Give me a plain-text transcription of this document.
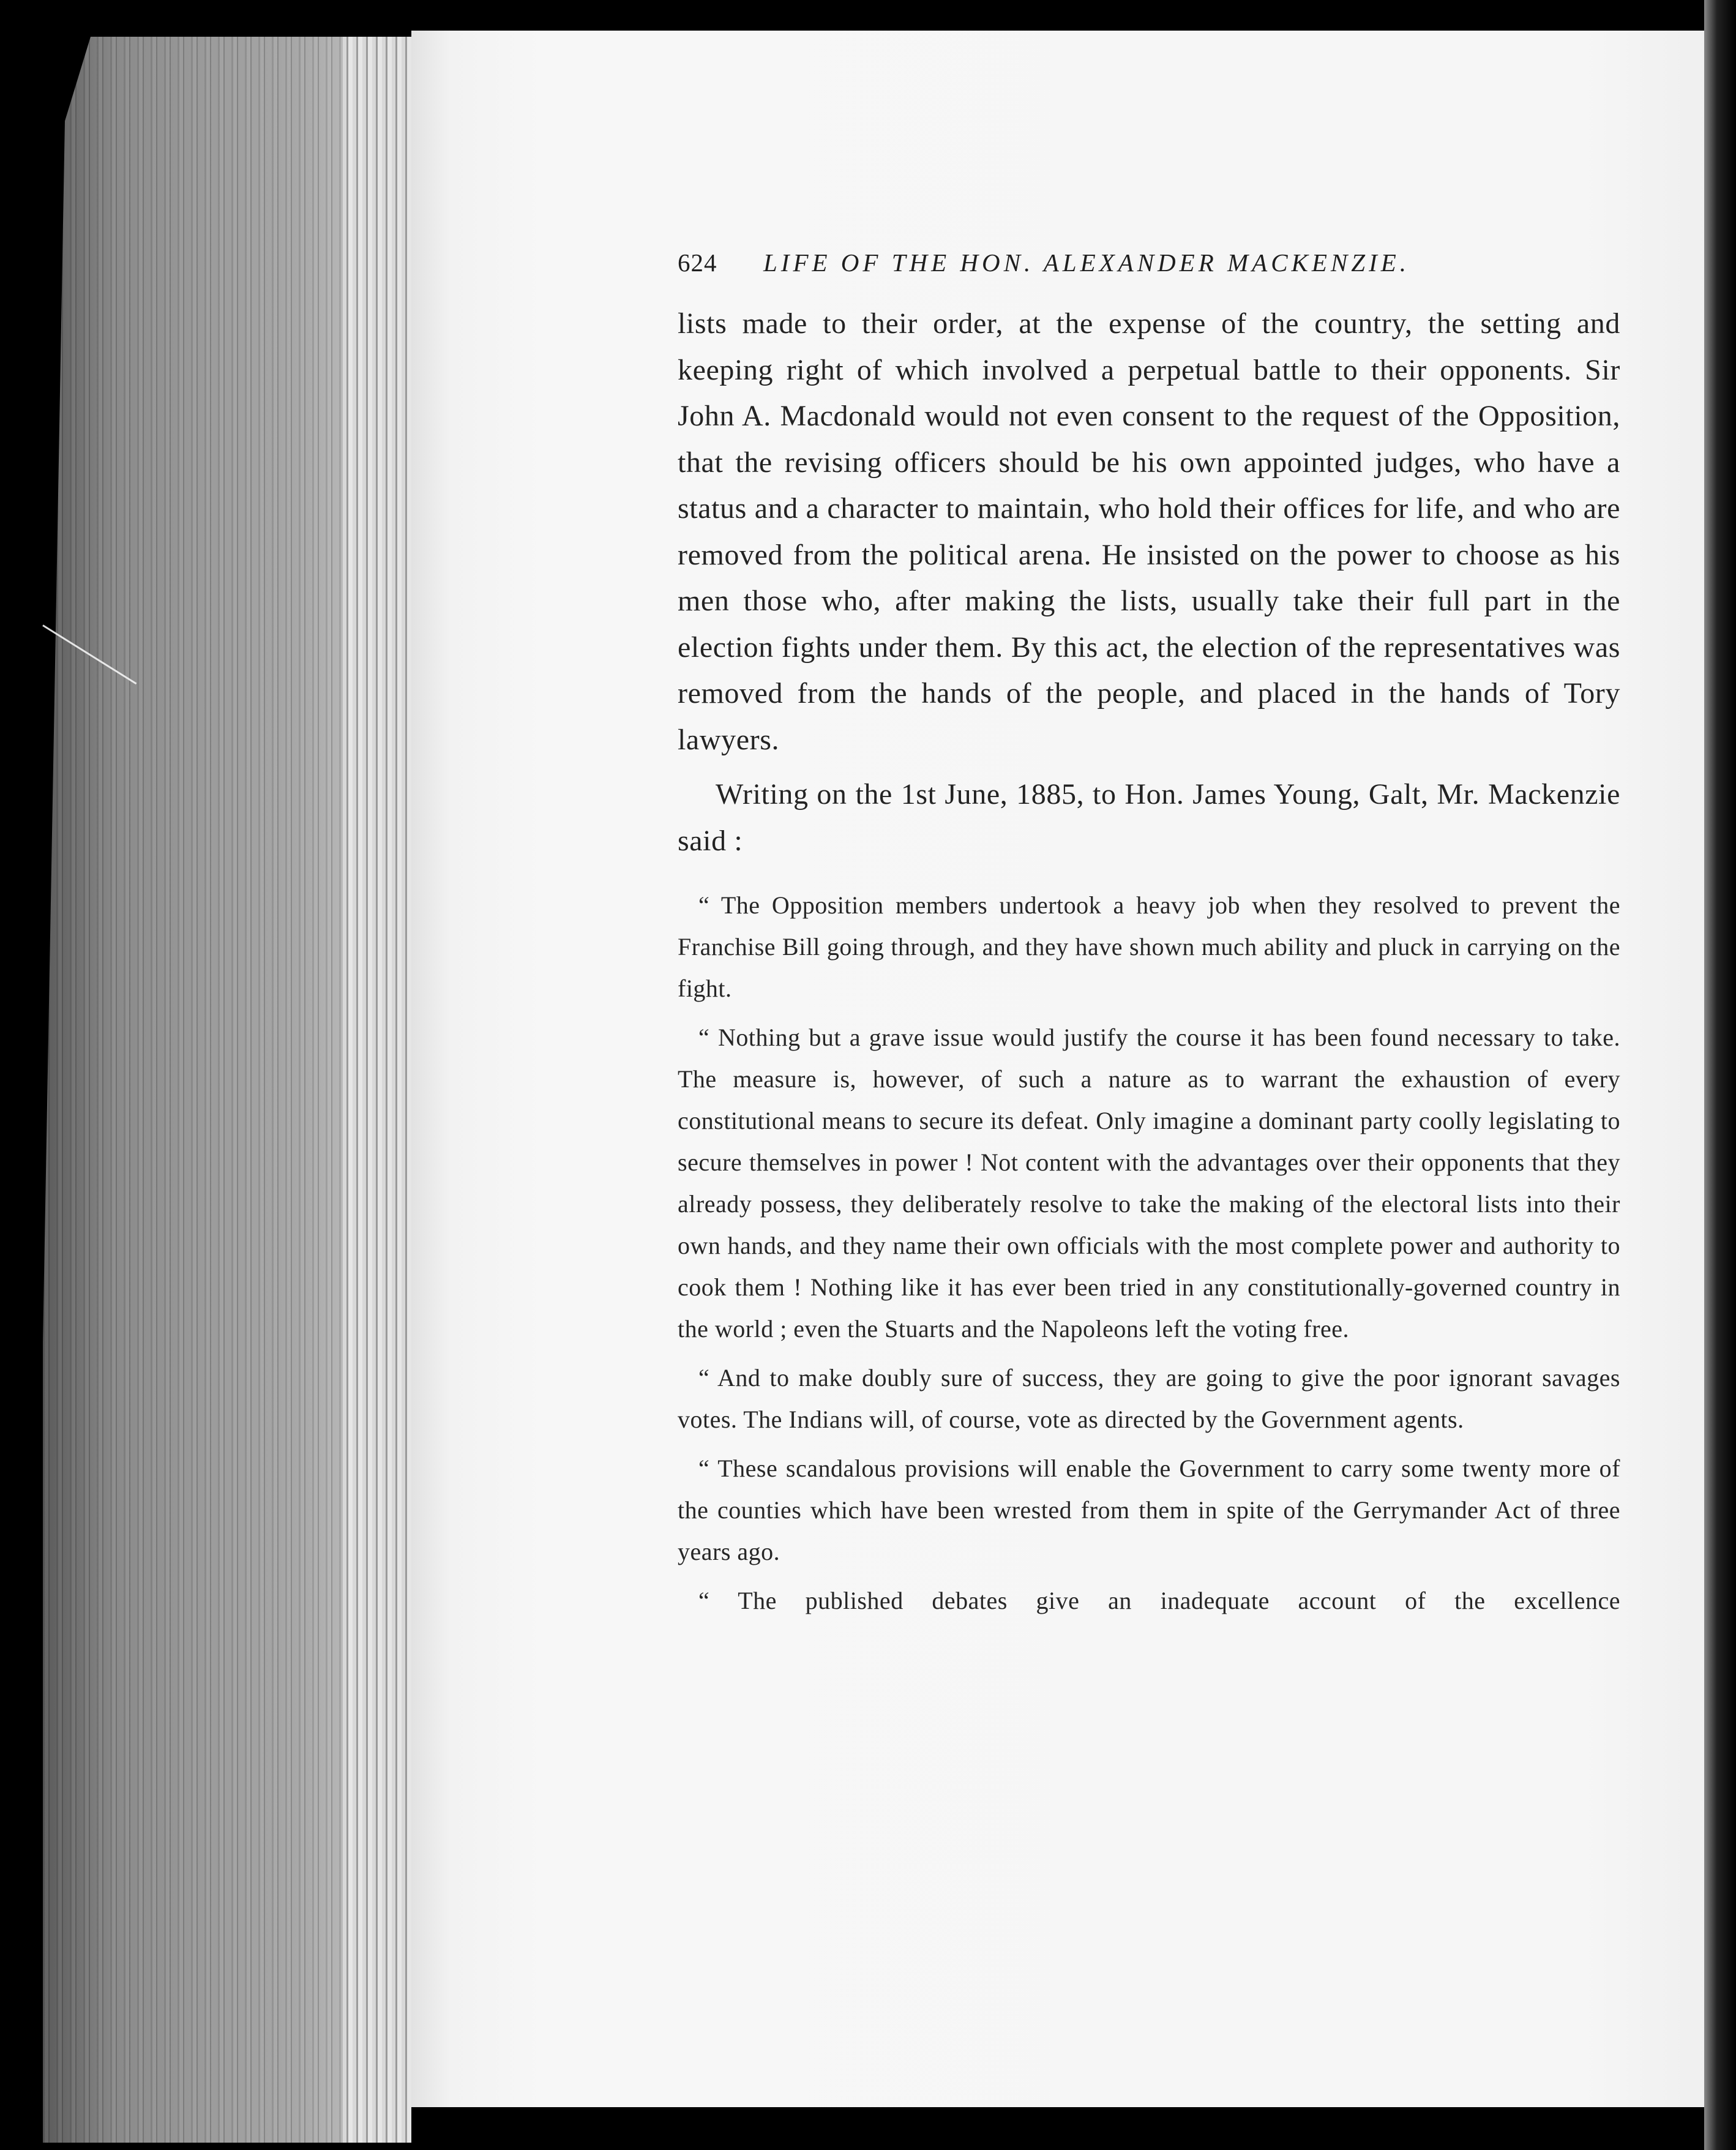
624	LIFE OF THE HON. ALEXANDER MACKENZIE.

lists made to their order, at the expense of the country, the setting and keeping right of which involved a perpetual battle to their opponents. Sir John A. Macdonald would not even consent to the request of the Opposition, that the revising officers should be his own appointed judges, who have a status and a character to maintain, who hold their offices for life, and who are removed from the political arena. He insisted on the power to choose as his men those who, after making the lists, usually take their full part in the election fights under them. By this act, the election of the representatives was removed from the hands of the people, and placed in the hands of Tory lawyers.

Writing on the 1st June, 1885, to Hon. James Young, Galt, Mr. Mackenzie said :

“ The Opposition members undertook a heavy job when they resolved to prevent the Franchise Bill going through, and they have shown much ability and pluck in carrying on the fight.

“ Nothing but a grave issue would justify the course it has been found necessary to take. The measure is, however, of such a nature as to warrant the exhaustion of every constitutional means to secure its defeat. Only imagine a dominant party coolly legislating to secure themselves in power ! Not content with the advantages over their opponents that they already possess, they deliberately resolve to take the making of the electoral lists into their own hands, and they name their own officials with the most complete power and authority to cook them ! Nothing like it has ever been tried in any constitutionally-governed country in the world ; even the Stuarts and the Napoleons left the voting free.

“ And to make doubly sure of success, they are going to give the poor ignorant savages votes. The Indians will, of course, vote as directed by the Government agents.

“ These scandalous provisions will enable the Government to carry some twenty more of the counties which have been wrested from them in spite of the Gerrymander Act of three years ago.

“ The published debates give an inadequate account of the excellence
